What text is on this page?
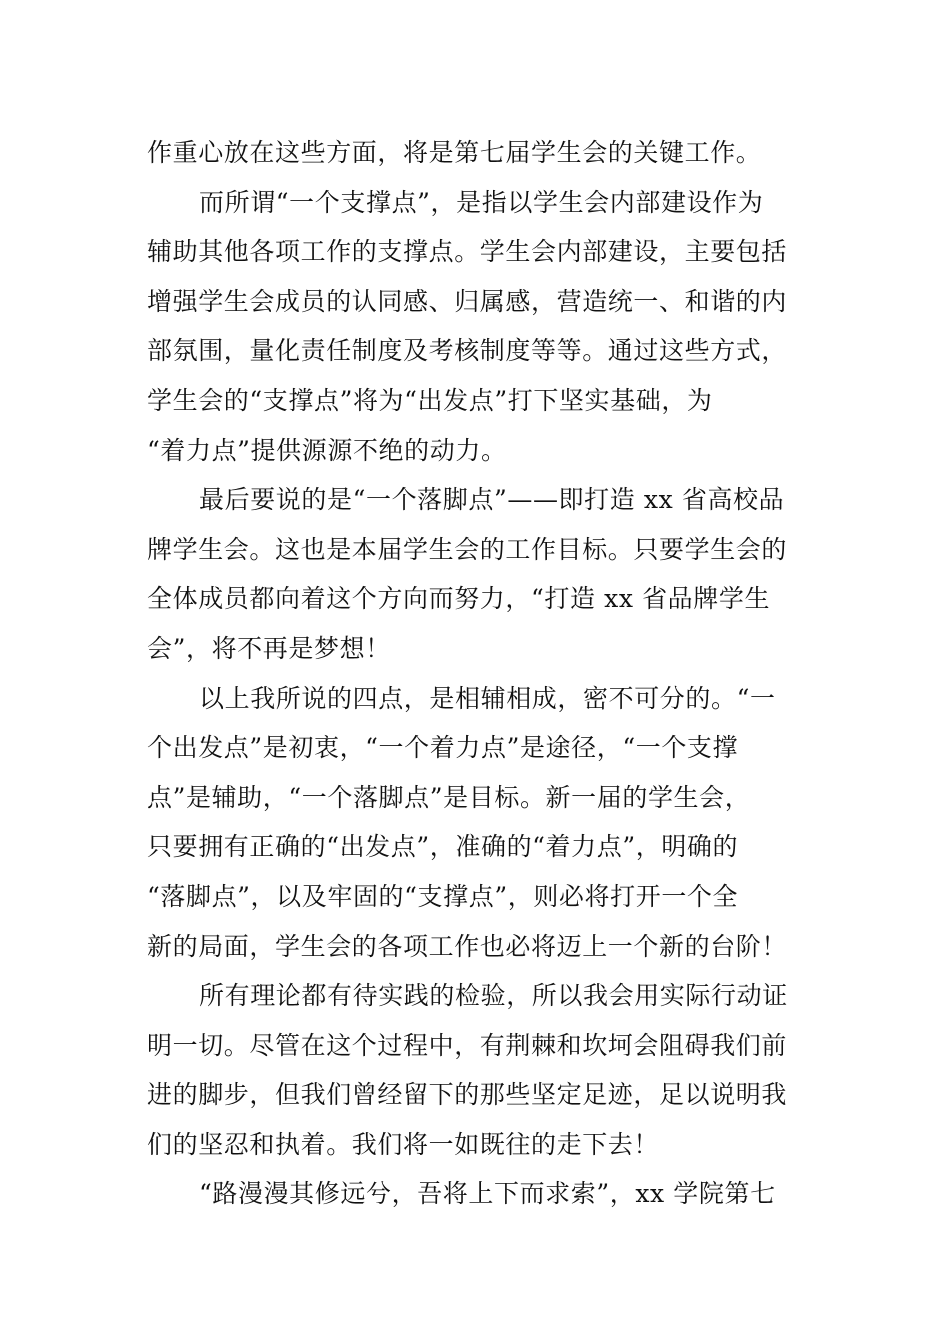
作重心放在这些方面，将是第七届学生会的关键工作。
而所谓“一个支撑点”，是指以学生会内部建设作为
辅助其他各项工作的支撑点。学生会内部建设，主要包括
增强学生会成员的认同感、归属感，营造统一、和谐的内
部氛围，量化责任制度及考核制度等等。通过这些方式，
学生会的“支撑点”将为“出发点”打下坚实基础，为
“着力点”提供源源不绝的动力。
最后要说的是“一个落脚点”——即打造 xx 省高校品
牌学生会。这也是本届学生会的工作目标。只要学生会的
全体成员都向着这个方向而努力，“打造 xx 省品牌学生
会”，将不再是梦想！
以上我所说的四点，是相辅相成，密不可分的。“一
个出发点”是初衷，“一个着力点”是途径，“一个支撑
点”是辅助，“一个落脚点”是目标。新一届的学生会，
只要拥有正确的“出发点”，准确的“着力点”，明确的
“落脚点”，以及牢固的“支撑点”，则必将打开一个全
新的局面，学生会的各项工作也必将迈上一个新的台阶！
所有理论都有待实践的检验，所以我会用实际行动证
明一切。尽管在这个过程中，有荆棘和坎坷会阻碍我们前
进的脚步，但我们曾经留下的那些坚定足迹，足以说明我
们的坚忍和执着。我们将一如既往的走下去！
“路漫漫其修远兮，吾将上下而求索”，xx 学院第七
